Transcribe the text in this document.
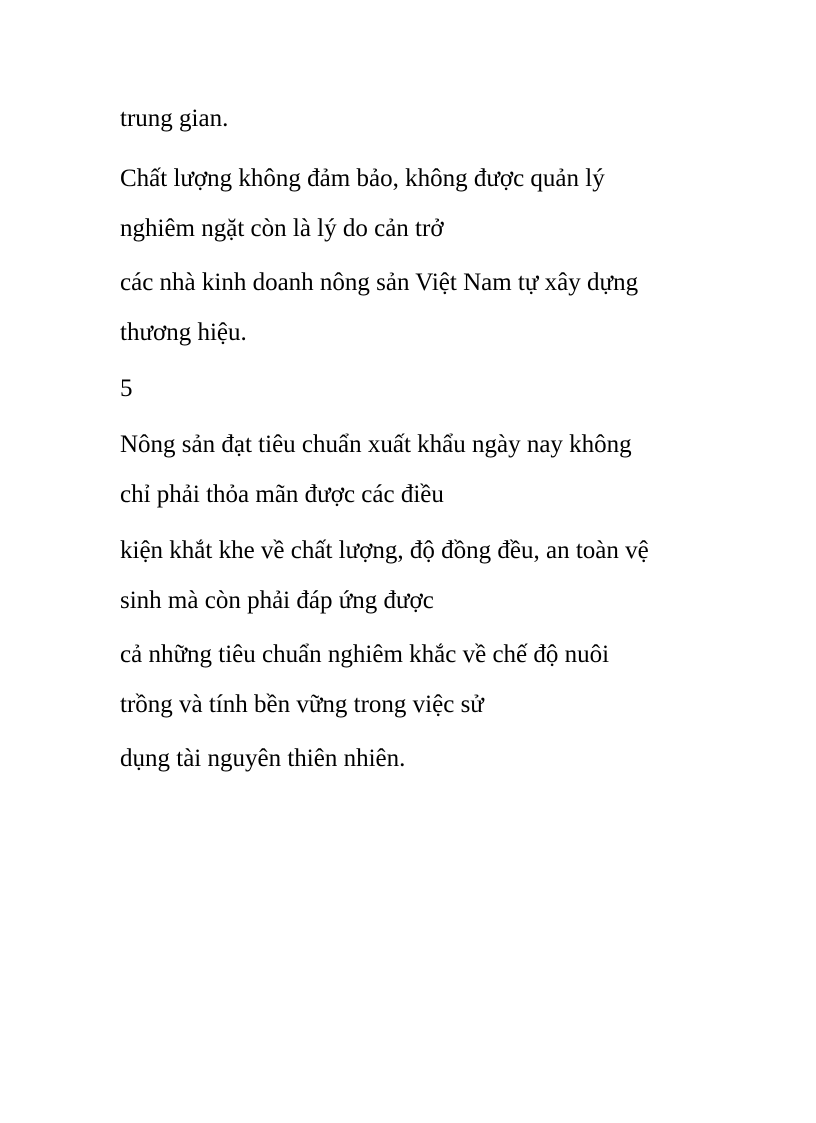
trung gian.

Chất lượng không đảm bảo, không được quản lý

nghiêm ngặt còn là lý do cản trở

các nhà kinh doanh nông sản Việt Nam tự xây dựng

thương hiệu.

5

Nông sản đạt tiêu chuẩn xuất khẩu ngày nay không

chỉ phải thỏa mãn được các điều

kiện khắt khe về chất lượng, độ đồng đều, an toàn vệ

sinh mà còn phải đáp ứng được

cả những tiêu chuẩn nghiêm khắc về chế độ nuôi

trồng và tính bền vững trong việc sử

dụng tài nguyên thiên nhiên.
